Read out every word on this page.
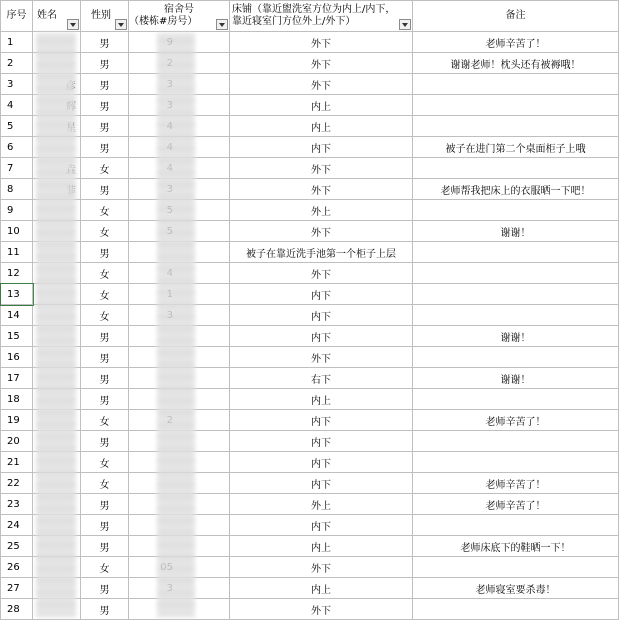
序号	姓名	性别	宿舍号
（楼栋#房号）	床铺（靠近盥洗室方位为内上/内下，靠近寝室门方位外上/外下）	备注

1		男		外下	老师辛苦了！
2		男		外下	谢谢老师！枕头还有被褥哦！
3		男		外下	
4		男		内上	
5		男		内上	
6		男		内下	被子在进门第二个桌面柜子上哦
7		女		外下	
8		男		外下	老师帮我把床上的衣服晒一下吧！
9		女		外上	
10		女		外下	谢谢！
11		男		被子在靠近洗手池第一个柜子上层	
12		女		外下	
13		女		内下	
14		女		内下	
15		男		内下	谢谢！
16		男		外下	
17		男		右下	谢谢！
18		男		内上	
19		女		内下	老师辛苦了！
20		男		内下	
21		女		内下	
22		女		内下	老师辛苦了！
23		男		外上	老师辛苦了！
24		男		内下	
25		男		内上	老师床底下的鞋晒一下！
26		女		外下	
27		男		内上	老师寝室要杀毒！
28		男		外下	
